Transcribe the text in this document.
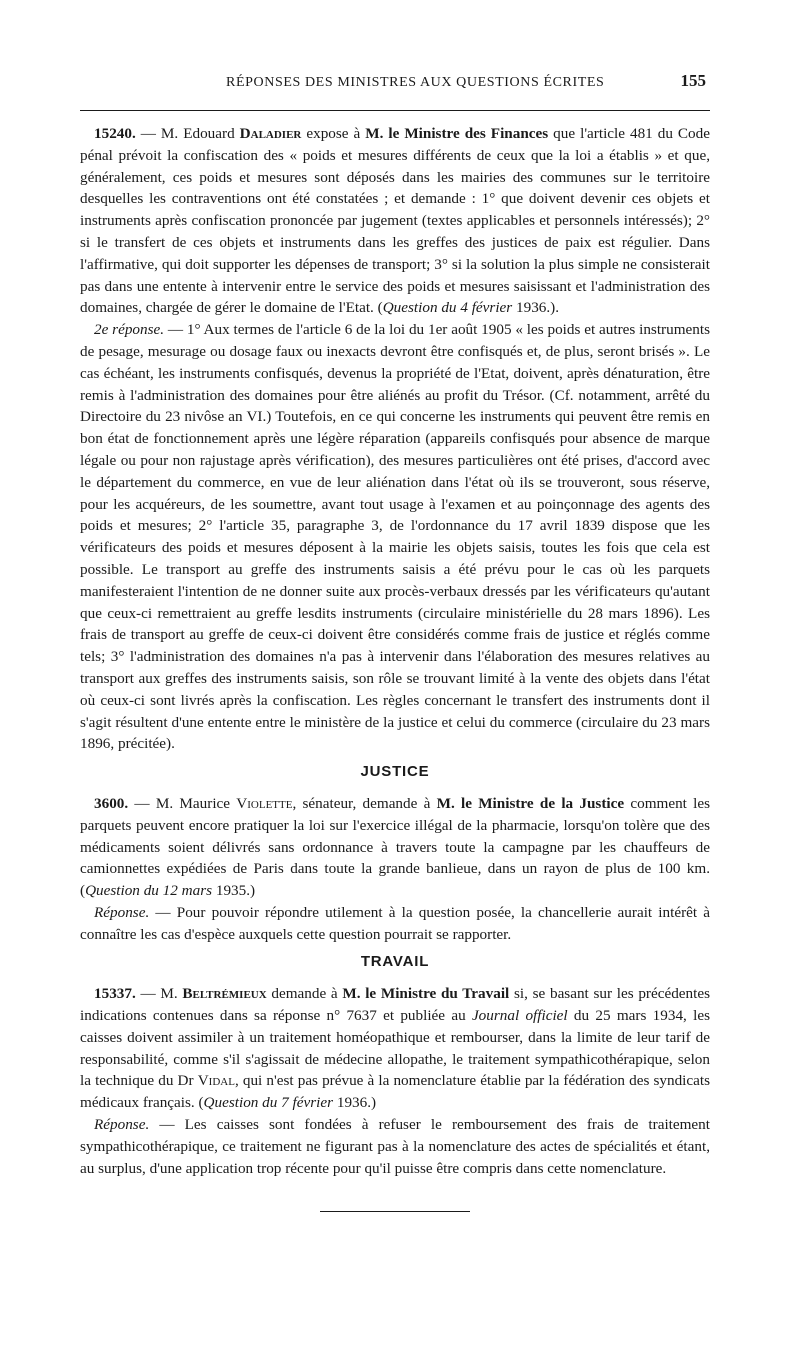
RÉPONSES DES MINISTRES AUX QUESTIONS ÉCRITES	155

15240. — M. Edouard Daladier expose à M. le Ministre des Finances que l'article 481 du Code pénal prévoit la confiscation des « poids et mesures différents de ceux que la loi a établis » et que, généralement, ces poids et mesures sont déposés dans les mairies des communes sur le territoire desquelles les contraventions ont été constatées ; et demande : 1° que doivent devenir ces objets et instruments après confiscation prononcée par jugement (textes applicables et personnels intéressés); 2° si le transfert de ces objets et instruments dans les greffes des justices de paix est régulier. Dans l'affirmative, qui doit supporter les dépenses de transport; 3° si la solution la plus simple ne consisterait pas dans une entente à intervenir entre le service des poids et mesures saisissant et l'administration des domaines, chargée de gérer le domaine de l'Etat. (Question du 4 février 1936.).

2e réponse. — 1° Aux termes de l'article 6 de la loi du 1er août 1905 « les poids et autres instruments de pesage, mesurage ou dosage faux ou inexacts devront être confisqués et, de plus, seront brisés ». Le cas échéant, les instruments confisqués, devenus la propriété de l'Etat, doivent, après dénaturation, être remis à l'administration des domaines pour être aliénés au profit du Trésor. (Cf. notamment, arrêté du Directoire du 23 nivôse an VI.) Toutefois, en ce qui concerne les instruments qui peuvent être remis en bon état de fonctionnement après une légère réparation (appareils confisqués pour absence de marque légale ou pour non rajustage après vérification), des mesures particulières ont été prises, d'accord avec le département du commerce, en vue de leur aliénation dans l'état où ils se trouveront, sous réserve, pour les acquéreurs, de les soumettre, avant tout usage à l'examen et au poinçonnage des agents des poids et mesures; 2° l'article 35, paragraphe 3, de l'ordonnance du 17 avril 1839 dispose que les vérificateurs des poids et mesures déposent à la mairie les objets saisis, toutes les fois que cela est possible. Le transport au greffe des instruments saisis a été prévu pour le cas où les parquets manifesteraient l'intention de ne donner suite aux procès-verbaux dressés par les vérificateurs qu'autant que ceux-ci remettraient au greffe lesdits instruments (circulaire ministérielle du 28 mars 1896). Les frais de transport au greffe de ceux-ci doivent être considérés comme frais de justice et réglés comme tels; 3° l'administration des domaines n'a pas à intervenir dans l'élaboration des mesures relatives au transport aux greffes des instruments saisis, son rôle se trouvant limité à la vente des objets dans l'état où ceux-ci sont livrés après la confiscation. Les règles concernant le transfert des instruments dont il s'agit résultent d'une entente entre le ministère de la justice et celui du commerce (circulaire du 23 mars 1896, précitée).

JUSTICE

3600. — M. Maurice Violette, sénateur, demande à M. le Ministre de la Justice comment les parquets peuvent encore pratiquer la loi sur l'exercice illégal de la pharmacie, lorsqu'on tolère que des médicaments soient délivrés sans ordonnance à travers toute la campagne par les chauffeurs de camionnettes expédiées de Paris dans toute la grande banlieue, dans un rayon de plus de 100 km. (Question du 12 mars 1935.)

Réponse. — Pour pouvoir répondre utilement à la question posée, la chancellerie aurait intérêt à connaître les cas d'espèce auxquels cette question pourrait se rapporter.

TRAVAIL

15337. — M. Beltrémieux demande à M. le Ministre du Travail si, se basant sur les précédentes indications contenues dans sa réponse n° 7637 et publiée au Journal officiel du 25 mars 1934, les caisses doivent assimiler à un traitement homéopathique et rembourser, dans la limite de leur tarif de responsabilité, comme s'il s'agissait de médecine allopathe, le traitement sympathicothérapique, selon la technique du Dr Vidal, qui n'est pas prévue à la nomenclature établie par la fédération des syndicats médicaux français. (Question du 7 février 1936.)

Réponse. — Les caisses sont fondées à refuser le remboursement des frais de traitement sympathicothérapique, ce traitement ne figurant pas à la nomenclature des actes de spécialités et étant, au surplus, d'une application trop récente pour qu'il puisse être compris dans cette nomenclature.
